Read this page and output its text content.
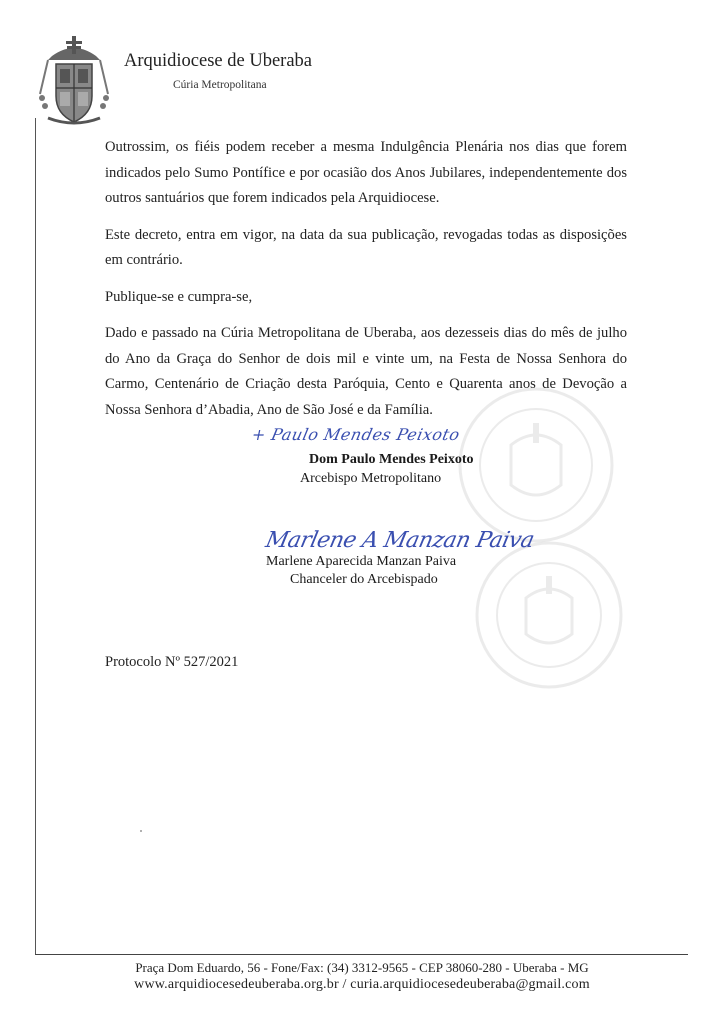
Arquidiocese de Uberaba
Cúria Metropolitana

Outrossim, os fiéis podem receber a mesma Indulgência Plenária nos dias que forem indicados pelo Sumo Pontífice e por ocasião dos Anos Jubilares, independentemente dos outros santuários que forem indicados pela Arquidiocese.

Este decreto, entra em vigor, na data da sua publicação, revogadas todas as disposições em contrário.

Publique-se e cumpra-se,

Dado e passado na Cúria Metropolitana de Uberaba, aos dezesseis dias do mês de julho do Ano da Graça do Senhor de dois mil e vinte um, na Festa de Nossa Senhora do Carmo, Centenário de Criação desta Paróquia, Cento e Quarenta anos de Devoção a Nossa Senhora d’Abadia, Ano de São José e da Família.

+ Paulo Mendes Peixoto
Dom Paulo Mendes Peixoto
Arcebispo Metropolitano
Marlene A Manzan Paiva
Marlene Aparecida Manzan Paiva
Chanceler do Arcebispado
Protocolo Nº 527/2021
Praça Dom Eduardo, 56 - Fone/Fax: (34) 3312-9565 - CEP 38060-280 - Uberaba - MG
www.arquidiocesedeuberaba.org.br / curia.arquidiocesedeuberaba@gmail.com
